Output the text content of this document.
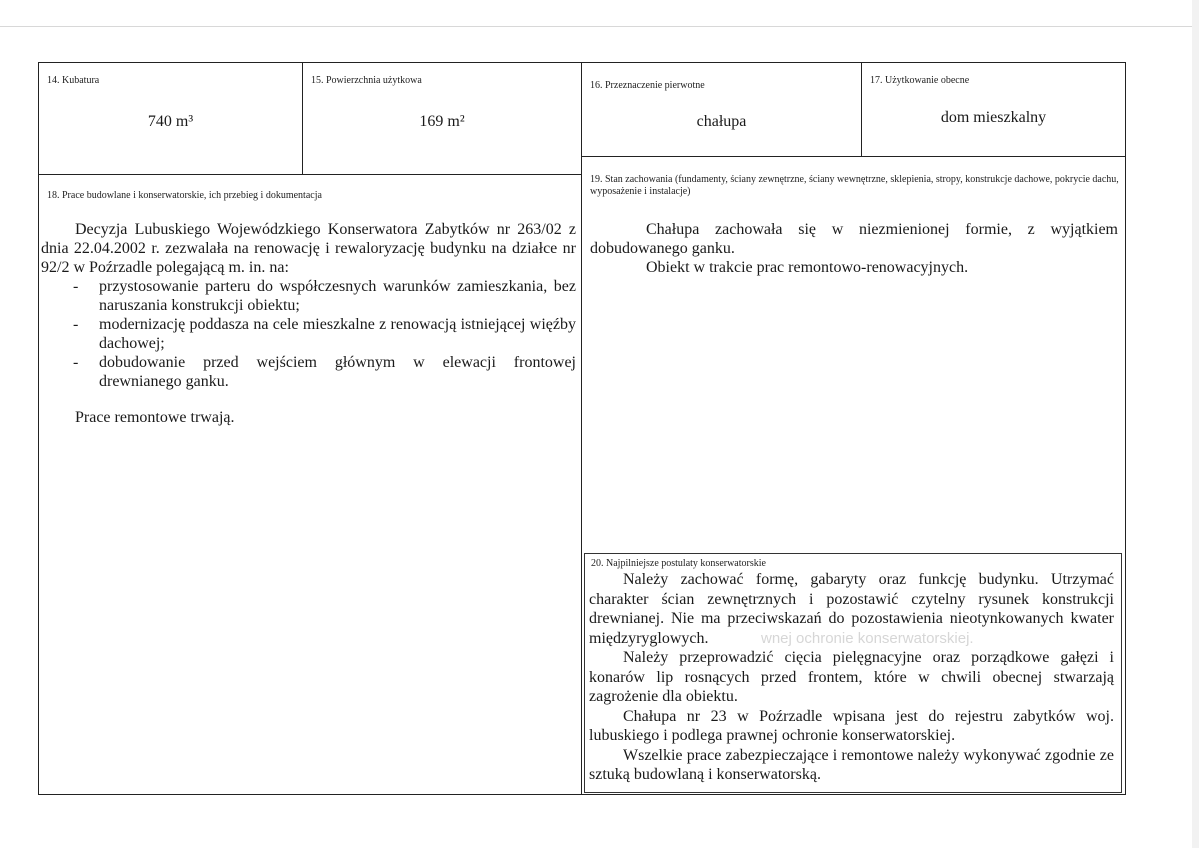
14. Kubatura
740 m³
15. Powierzchnia użytkowa
169 m²
16. Przeznaczenie pierwotne
chałupa
17. Użytkowanie obecne
dom mieszkalny
18. Prace budowlane i konserwatorskie, ich przebieg i dokumentacja

Decyzja Lubuskiego Wojewódzkiego Konserwatora Zabytków nr 263/02 z dnia 22.04.2002 r. zezwalała na renowację i rewaloryzację budynku na działce nr 92/2 w Poźrzadle polegającą m. in. na:

- przystosowanie parteru do współczesnych warunków zamieszkania, bez naruszania konstrukcji obiektu;
- modernizację poddasza na cele mieszkalne z renowacją istniejącej więźby dachowej;
- dobudowanie przed wejściem głównym w elewacji frontowej drewnianego ganku.

Prace remontowe trwają.

19. Stan zachowania (fundamenty, ściany zewnętrzne, ściany wewnętrzne, sklepienia, stropy, konstrukcje dachowe, pokrycie dachu, wyposażenie i instalacje)

Chałupa zachowała się w niezmienionej formie, z wyjątkiem dobudowanego ganku.

Obiekt w trakcie prac remontowo-renowacyjnych.

wnej ochronie konserwatorskiej.
20. Najpilniejsze postulaty konserwatorskie

Należy zachować formę, gabaryty oraz funkcję budynku. Utrzymać charakter ścian zewnętrznych i pozostawić czytelny rysunek konstrukcji drewnianej. Nie ma przeciwskazań do pozostawienia nieotynkowanych kwater międzyryglowych.

Należy przeprowadzić cięcia pielęgnacyjne oraz porządkowe gałęzi i konarów lip rosnących przed frontem, które w chwili obecnej stwarzają zagrożenie dla obiektu.

Chałupa nr 23 w Poźrzadle wpisana jest do rejestru zabytków woj. lubuskiego i podlega prawnej ochronie konserwatorskiej.

Wszelkie prace zabezpieczające i remontowe należy wykonywać zgodnie ze sztuką budowlaną i konserwatorską.
